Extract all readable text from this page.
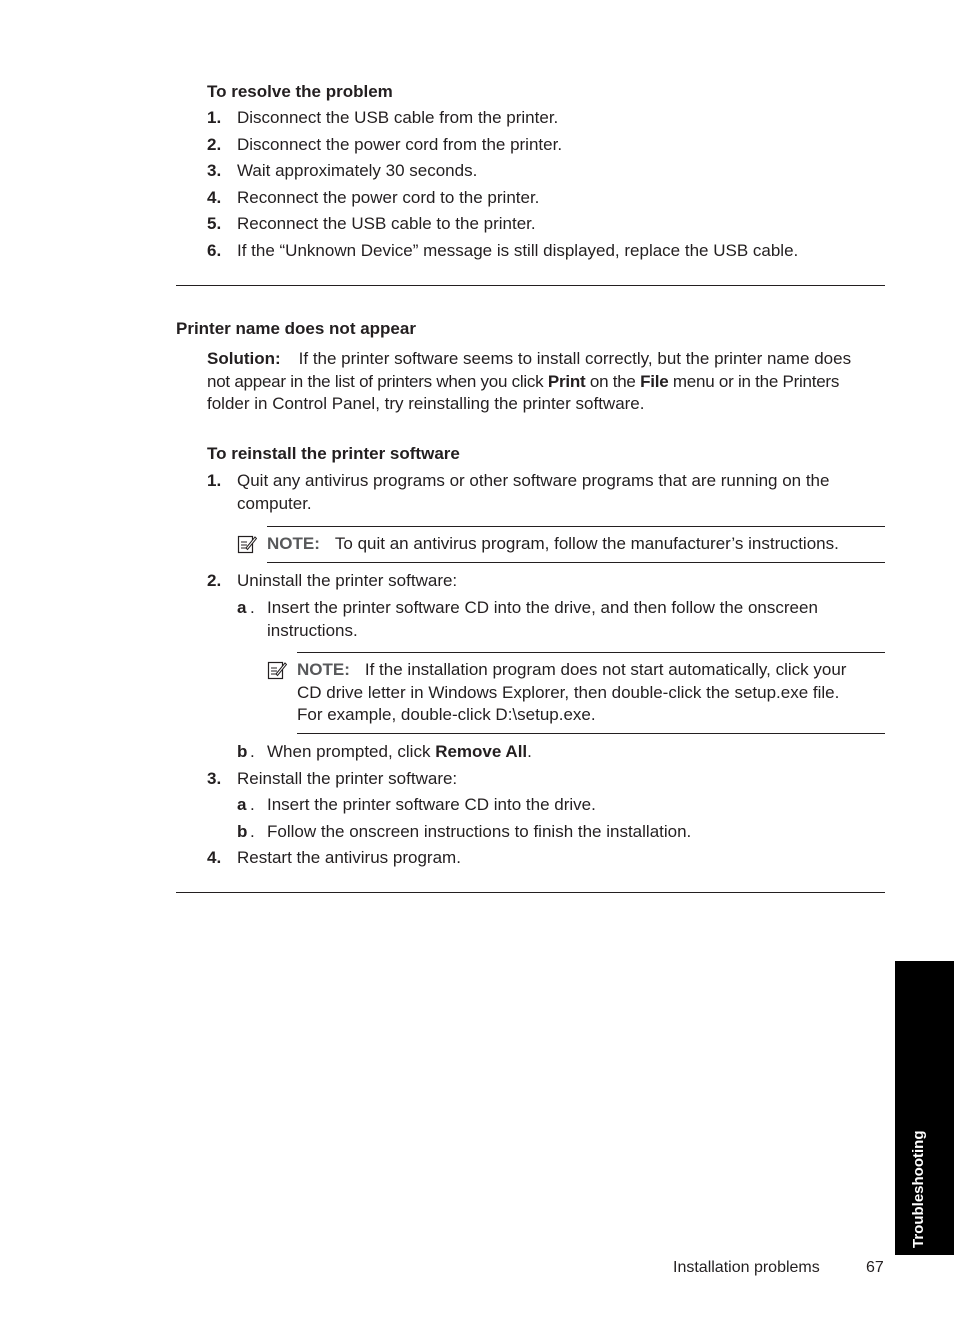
To resolve the problem
1. Disconnect the USB cable from the printer.
2. Disconnect the power cord from the printer.
3. Wait approximately 30 seconds.
4. Reconnect the power cord to the printer.
5. Reconnect the USB cable to the printer.
6. If the “Unknown Device” message is still displayed, replace the USB cable.
Printer name does not appear
Solution: If the printer software seems to install correctly, but the printer name does
not appear in the list of printers when you click Print on the File menu or in the Printers
folder in Control Panel, try reinstalling the printer software.
To reinstall the printer software
1. Quit any antivirus programs or other software programs that are running on the
computer.
NOTE: To quit an antivirus program, follow the manufacturer’s instructions.
2. Uninstall the printer software:
a . Insert the printer software CD into the drive, and then follow the onscreen
instructions.
NOTE: If the installation program does not start automatically, click your
CD drive letter in Windows Explorer, then double-click the setup.exe file.
For example, double-click D:\setup.exe.
b . When prompted, click Remove All.
3. Reinstall the printer software:
a . Insert the printer software CD into the drive.
b . Follow the onscreen instructions to finish the installation.
4. Restart the antivirus program.
Troubleshooting
Installation problems	67
